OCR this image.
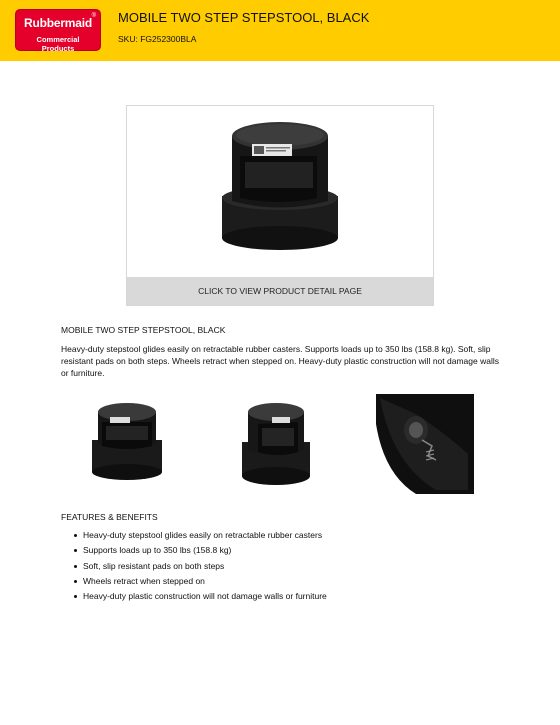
Rubbermaid ®
Commercial Products
MOBILE TWO STEP STEPSTOOL, BLACK
SKU: FG252300BLA
CLICK TO VIEW PRODUCT DETAIL PAGE
MOBILE TWO STEP STEPSTOOL, BLACK
Heavy-duty stepstool glides easily on retractable rubber casters. Supports loads up to 350 lbs (158.8 kg). Soft, slip resistant pads on both steps. Wheels retract when stepped on. Heavy-duty plastic construction will not damage walls or furniture.
FEATURES & BENEFITS
Heavy-duty stepstool glides easily on retractable rubber casters
Supports loads up to 350 lbs (158.8 kg)
Soft, slip resistant pads on both steps
Wheels retract when stepped on
Heavy-duty plastic construction will not damage walls or furniture
